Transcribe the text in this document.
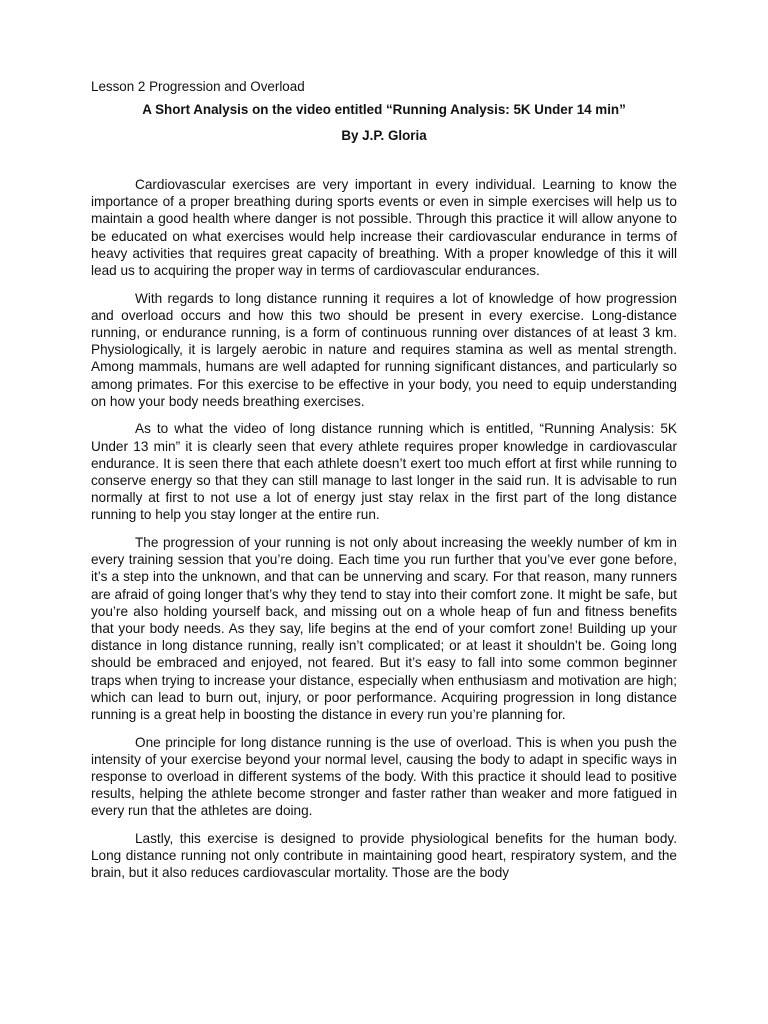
Lesson 2 Progression and Overload
A Short Analysis on the video entitled “Running Analysis: 5K Under 14 min”
By J.P. Gloria

Cardiovascular exercises are very important in every individual. Learning to know the importance of a proper breathing during sports events or even in simple exercises will help us to maintain a good health where danger is not possible. Through this practice it will allow anyone to be educated on what exercises would help increase their cardiovascular endurance in terms of heavy activities that requires great capacity of breathing. With a proper knowledge of this it will lead us to acquiring the proper way in terms of cardiovascular endurances.

With regards to long distance running it requires a lot of knowledge of how progression and overload occurs and how this two should be present in every exercise. Long-distance running, or endurance running, is a form of continuous running over distances of at least 3 km. Physiologically, it is largely aerobic in nature and requires stamina as well as mental strength. Among mammals, humans are well adapted for running significant distances, and particularly so among primates. For this exercise to be effective in your body, you need to equip understanding on how your body needs breathing exercises.

As to what the video of long distance running which is entitled, “Running Analysis: 5K Under 13 min” it is clearly seen that every athlete requires proper knowledge in cardiovascular endurance. It is seen there that each athlete doesn’t exert too much effort at first while running to conserve energy so that they can still manage to last longer in the said run. It is advisable to run normally at first to not use a lot of energy just stay relax in the first part of the long distance running to help you stay longer at the entire run.

The progression of your running is not only about increasing the weekly number of km in every training session that you’re doing. Each time you run further that you’ve ever gone before, it’s a step into the unknown, and that can be unnerving and scary. For that reason, many runners are afraid of going longer that’s why they tend to stay into their comfort zone. It might be safe, but you’re also holding yourself back, and missing out on a whole heap of fun and fitness benefits that your body needs. As they say, life begins at the end of your comfort zone! Building up your distance in long distance running, really isn’t complicated; or at least it shouldn’t be. Going long should be embraced and enjoyed, not feared. But it’s easy to fall into some common beginner traps when trying to increase your distance, especially when enthusiasm and motivation are high; which can lead to burn out, injury, or poor performance. Acquiring progression in long distance running is a great help in boosting the distance in every run you’re planning for.

One principle for long distance running is the use of overload. This is when you push the intensity of your exercise beyond your normal level, causing the body to adapt in specific ways in response to overload in different systems of the body. With this practice it should lead to positive results, helping the athlete become stronger and faster rather than weaker and more fatigued in every run that the athletes are doing.

Lastly, this exercise is designed to provide physiological benefits for the human body. Long distance running not only contribute in maintaining good heart, respiratory system, and the brain, but it also reduces cardiovascular mortality. Those are the body
